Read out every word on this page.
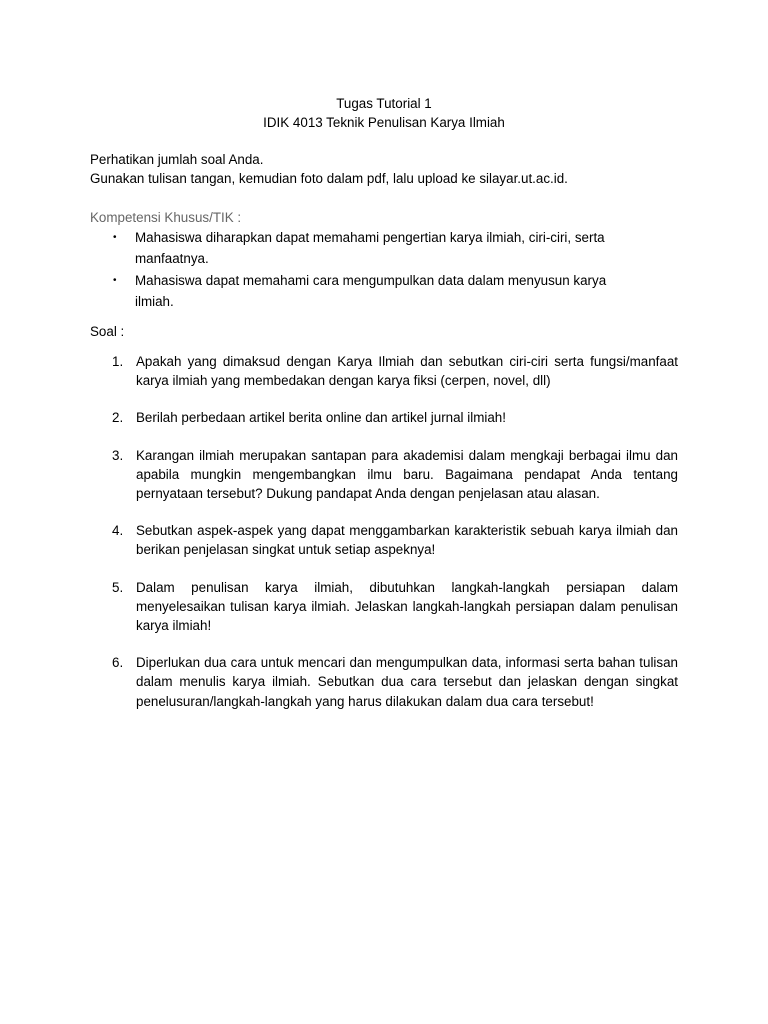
Tugas Tutorial 1
IDIK 4013 Teknik Penulisan Karya Ilmiah
Perhatikan jumlah soal Anda.
Gunakan tulisan tangan, kemudian foto dalam pdf, lalu upload ke silayar.ut.ac.id.
Kompetensi Khusus/TIK :
• Mahasiswa diharapkan dapat memahami pengertian karya ilmiah, ciri-ciri, serta manfaatnya.
• Mahasiswa dapat memahami cara mengumpulkan data dalam menyusun karya ilmiah.
Soal :
1. Apakah yang dimaksud dengan Karya Ilmiah dan sebutkan ciri-ciri serta fungsi/manfaat karya ilmiah yang membedakan dengan karya fiksi (cerpen, novel, dll)
2. Berilah perbedaan artikel berita online dan artikel jurnal ilmiah!
3. Karangan ilmiah merupakan santapan para akademisi dalam mengkaji berbagai ilmu dan apabila mungkin mengembangkan ilmu baru. Bagaimana pendapat Anda tentang pernyataan tersebut? Dukung pandapat Anda dengan penjelasan atau alasan.
4. Sebutkan aspek-aspek yang dapat menggambarkan karakteristik sebuah karya ilmiah dan berikan penjelasan singkat untuk setiap aspeknya!
5. Dalam penulisan karya ilmiah, dibutuhkan langkah-langkah persiapan dalam menyelesaikan tulisan karya ilmiah. Jelaskan langkah-langkah persiapan dalam penulisan karya ilmiah!
6. Diperlukan dua cara untuk mencari dan mengumpulkan data, informasi serta bahan tulisan dalam menulis karya ilmiah. Sebutkan dua cara tersebut dan jelaskan dengan singkat penelusuran/langkah-langkah yang harus dilakukan dalam dua cara tersebut!
